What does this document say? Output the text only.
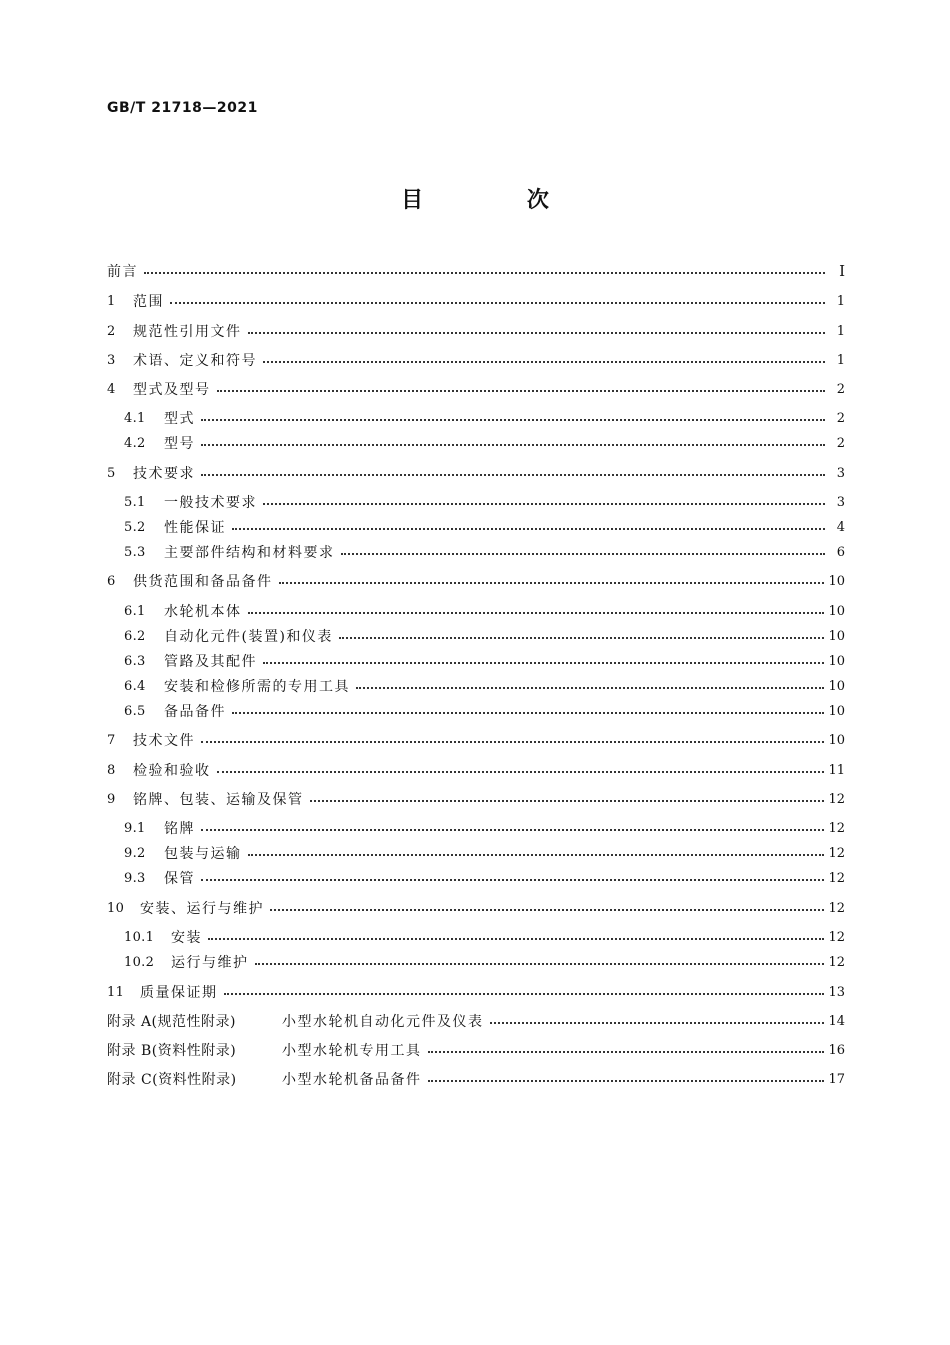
GB/T 21718—2021
目 次
前言	Ⅰ
1	范围	1
2	规范性引用文件	1
3	术语、定义和符号	1
4	型式及型号	2
4.1	型式	2
4.2	型号	2
5	技术要求	3
5.1	一般技术要求	3
5.2	性能保证	4
5.3	主要部件结构和材料要求	6
6	供货范围和备品备件	10
6.1	水轮机本体	10
6.2	自动化元件(装置)和仪表	10
6.3	管路及其配件	10
6.4	安装和检修所需的专用工具	10
6.5	备品备件	10
7	技术文件	10
8	检验和验收	11
9	铭牌、包装、运输及保管	12
9.1	铭牌	12
9.2	包装与运输	12
9.3	保管	12
10	安装、运行与维护	12
10.1	安装	12
10.2	运行与维护	12
11	质量保证期	13
附录 A(规范性附录)	小型水轮机自动化元件及仪表	14
附录 B(资料性附录)	小型水轮机专用工具	16
附录 C(资料性附录)	小型水轮机备品备件	17
